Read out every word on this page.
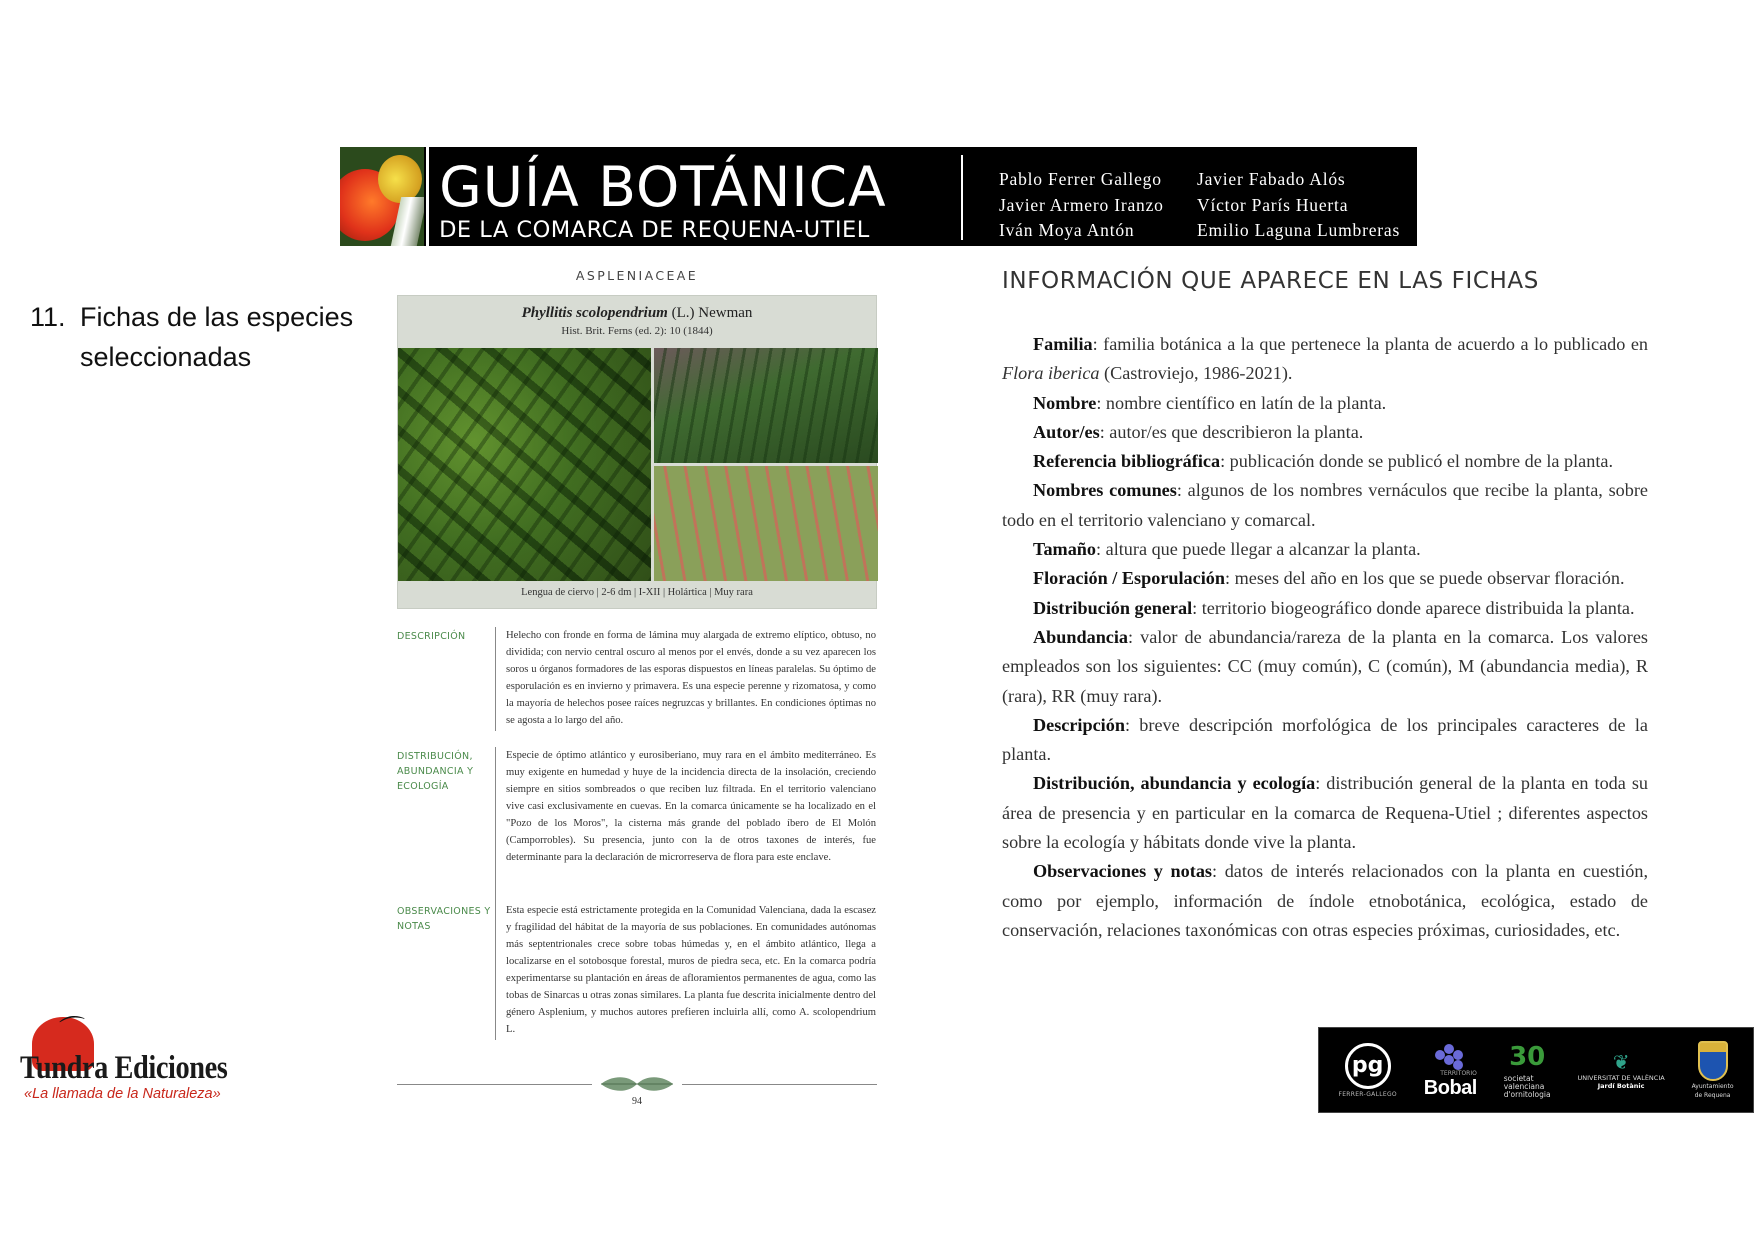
GUÍA BOTÁNICA
DE LA COMARCA DE REQUENA-UTIEL
Pablo Ferrer Gallego	Javier Fabado Alós
Javier Armero Iranzo	Víctor París Huerta
Iván Moya Antón	Emilio Laguna Lumbreras
11. Fichas de las especies
seleccionadas
ASPLENIACEAE
Phyllitis scolopendrium (L.) Newman
Hist. Brit. Ferns (ed. 2): 10 (1844)
Lengua de ciervo | 2-6 dm | I-XII | Holártica | Muy rara
DESCRIPCIÓN	Helecho con fronde en forma de lámina muy alargada de extremo elíptico, obtuso, no dividida; con nervio central oscuro al menos por el envés, donde a su vez aparecen los soros u órganos formadores de las esporas dispuestos en líneas paralelas. Su óptimo de esporulación es en invierno y primavera. Es una especie perenne y rizomatosa, y como la mayoría de helechos posee raíces negruzcas y brillantes. En condiciones óptimas no se agosta a lo largo del año.
DISTRIBUCIÓN, ABUNDANCIA Y ECOLOGÍA
Especie de óptimo atlántico y eurosiberiano, muy rara en el ámbito mediterráneo. Es muy exigente en humedad y huye de la incidencia directa de la insolación, creciendo siempre en sitios sombreados o que reciben luz filtrada. En el territorio valenciano vive casi exclusivamente en cuevas. En la comarca únicamente se ha localizado en el "Pozo de los Moros", la cisterna más grande del poblado íbero de El Molón (Camporrobles). Su presencia, junto con la de otros taxones de interés, fue determinante para la declaración de microrreserva de flora para este enclave.
OBSERVACIONES Y NOTAS
Esta especie está estrictamente protegida en la Comunidad Valenciana, dada la escasez y fragilidad del hábitat de la mayoría de sus poblaciones. En comunidades autónomas más septentrionales crece sobre tobas húmedas y, en el ámbito atlántico, llega a localizarse en el sotobosque forestal, muros de piedra seca, etc. En la comarca podría experimentarse su plantación en áreas de afloramientos permanentes de agua, como las tobas de Sinarcas u otras zonas similares. La planta fue descrita inicialmente dentro del género Asplenium, y muchos autores prefieren incluirla allí, como A. scolopendrium L.
94
INFORMACIÓN QUE APARECE EN LAS FICHAS

Familia: familia botánica a la que pertenece la planta de acuerdo a lo publicado en Flora iberica (Castroviejo, 1986-2021).

Nombre: nombre científico en latín de la planta.

Autor/es: autor/es que describieron la planta.

Referencia bibliográfica: publicación donde se publicó el nombre de la planta.

Nombres comunes: algunos de los nombres vernáculos que recibe la planta, sobre todo en el territorio valenciano y comarcal.

Tamaño: altura que puede llegar a alcanzar la planta.

Floración / Esporulación: meses del año en los que se puede observar floración.

Distribución general: territorio biogeográfico donde aparece distribuida la planta.

Abundancia: valor de abundancia/rareza de la planta en la comarca. Los valores empleados son los siguientes: CC (muy común), C (común), M (abundancia media), R (rara), RR (muy rara).

Descripción: breve descripción morfológica de los principales caracteres de la planta.

Distribución, abundancia y ecología: distribución general de la planta en toda su área de presencia y en particular en la comarca de Requena-Utiel ; diferentes aspectos sobre la ecología y hábitats donde vive la planta.

Observaciones y notas: datos de interés relacionados con la planta en cuestión, como por ejemplo, información de índole etnobotánica, ecológica, estado de conservación, relaciones taxonómicas con otras especies próximas, curiosidades, etc.

⌒
Tundra Ediciones
«La llamada de la Naturaleza»
pg
FERRER-GALLEGO
TERRITORIO
Bobal
30
societat
valenciana
d'ornitologia
❦
UNIVERSITAT DE VALÈNCIA
Jardí Botànic	Ayuntamiento
de Requena
